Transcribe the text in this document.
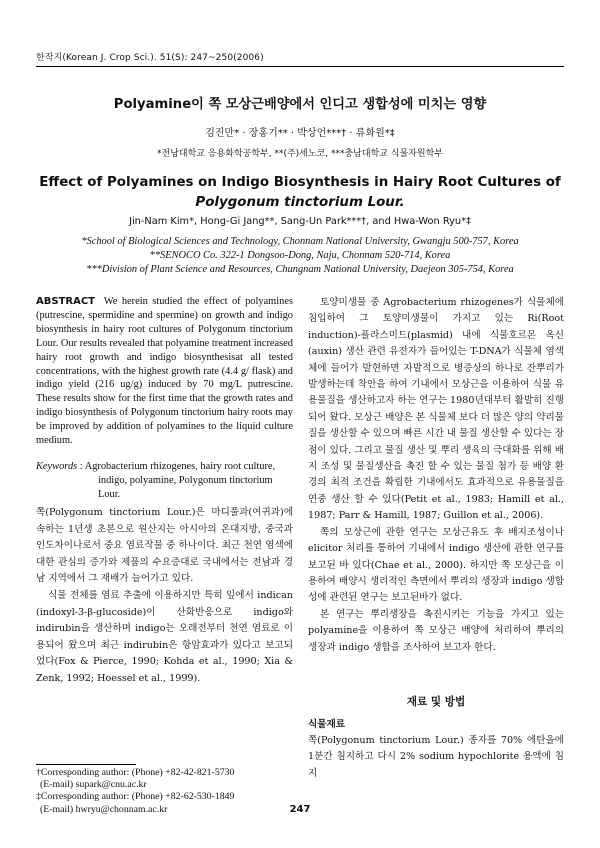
한작지(Korean J. Crop Sci.). 51(S): 247~250(2006)
Polyamine이 쪽 모상근배양에서 인디고 생합성에 미치는 영향
김진만* · 장홍기** · 박상언***† · 류화원*‡
*전남대학교 응용화학공학부, **(주)세노코, ***충남대학교 식물자원학부
Effect of Polyamines on Indigo Biosynthesis in Hairy Root Cultures of
Polygonum tinctorium Lour.
Jin-Nam Kim*, Hong-Gi Jang**, Sang-Un Park***†, and Hwa-Won Ryu*‡
*School of Biological Sciences and Technology, Chonnam National University, Gwangju 500-757, Korea
**SENOCO Co. 322-1 Dongsoo-Dong, Naju, Chonnam 520-714, Korea
***Division of Plant Science and Resources, Chungnam National University, Daejeon 305-754, Korea
ABSTRACT We herein studied the effect of polyamines (putrescine, spermidine and spermine) on growth and indigo biosynthesis in hairy root cultures of Polygonum tinctorium Lour. Our results revealed that polyamine treatment increased hairy root growth and indigo biosynthesisat all tested concentrations, with the highest growth rate (4.4 g/ flask) and indigo yield (216 ug/g) induced by 70 mg/L putrescine. These results show for the first time that the growth rates and indigo biosynthesis of Polygonum tinctorium hairy roots may be improved by addition of polyamines to the liquid culture medium.
Keywords : Agrobacterium rhizogenes, hairy root culture,
indigo, polyamine, Polygonum tinctorium Lour.

쪽(Polygonum tinctorium Lour.)은 마디풀과(여귀과)에 속하는 1년생 초본으로 원산지는 아시아의 온대지방, 중국과 인도차이나로서 중요 염료작물 중 하나이다. 최근 천연 염색에 대한 관심의 증가와 제품의 수요증대로 국내에서는 전남과 경남 지역에서 그 재배가 늘어가고 있다.

식물 전체를 염료 추출에 이용하지만 특히 잎에서 indican (indoxyl-3-β-glucoside)이 산화반응으로 indigo와 indirubin을 생산하며 indigo는 오래전부터 천연 염료로 이용되어 왔으며 최근 indirubin은 항암효과가 있다고 보고되었다(Fox & Pierce, 1990; Kohda et al., 1990; Xia & Zenk, 1992; Hoessel et al., 1999).

†Corresponding author: (Phone) +82-42-821-5730
(E-mail) supark@cnu.ac.kr
‡Corresponding author: (Phone) +82-62-530-1849
(E-mail) hwryu@chonnam.ac.kr

토양미생물 중 Agrobacterium rhizogenes가 식물체에 침입하여 그 토양미생물이 가지고 있는 Ri(Root induction)-플라스미드(plasmid) 내에 식물호르몬 옥신(auxin) 생산 관련 유전자가 들어있는 T-DNA가 식물체 염색체에 들어가 발현하면 자발적으로 병증상의 하나로 잔뿌리가 발생하는데 착안을 하여 기내에서 모상근을 이용하여 식물 유용물질을 생산하고자 하는 연구는 1980년대부터 활발히 진행되어 왔다. 모상근 배양은 본 식물체 보다 더 많은 양의 약리물질을 생산할 수 있으며 빠른 시간 내 물질 생산할 수 있다는 장점이 있다. 그리고 물질 생산 및 뿌리 생육의 극대화를 위해 배지 조성 및 물질생산을 촉진 할 수 있는 물질 첨가 등 배양 환경의 최적 조건을 확립한 기내에서도 효과적으로 유용물질을 연중 생산 할 수 있다(Petit et al., 1983; Hamill et al., 1987; Parr & Hamill, 1987; Guillon et al., 2006).

쪽의 모상근에 관한 연구는 모상근유도 후 배지조성이나 elicitor 처리를 통하여 기내에서 indigo 생산에 관한 연구를 보고된 바 있다(Chae et al., 2000). 하지만 쪽 모상근을 이용하여 배양시 생리적인 측면에서 뿌리의 생장과 indigo 생합성에 관련된 연구는 보고된바가 없다.

본 연구는 뿌리생장을 촉진시키는 기능을 가지고 있는 polyamine을 이용하여 쪽 모상근 배양에 처리하여 뿌리의 생장과 indigo 생합을 조사하여 보고자 한다.

재료 및 방법
식물재료
쪽(Polygonum tinctorium Lour.) 종자를 70% 에탄올에 1분간 침지하고 다시 2% sodium hypochlorite 용액에 침지
247
